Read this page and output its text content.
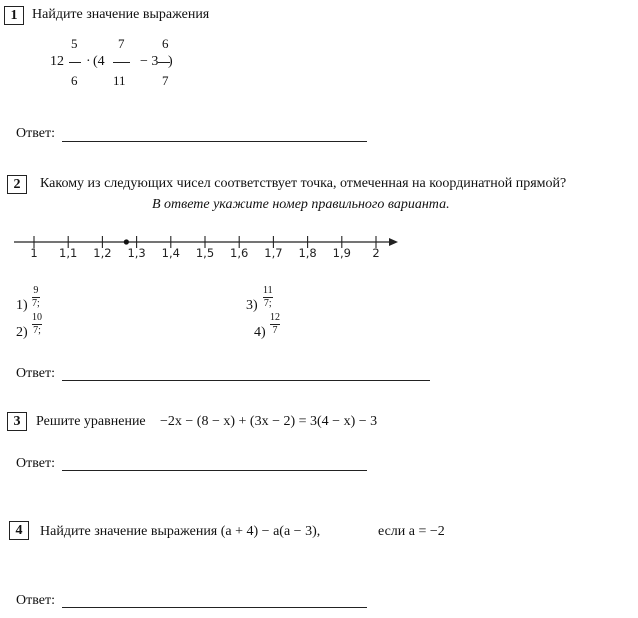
1	Найдите значение выражения
5	7	6
12 · (4	− 3 )
6	11	7
Ответ:
2	Какому из следующих чисел соответствует точка, отмеченная на координатной прямой?
В ответе укажите номер правильного варианта.
1 1,1 1,2 1,3 1,4 1,5 1,6 1,7 1,8 1,9 2
1)
9
7;
2)
10
7;
3)
11
7;
4)
12
7
Ответ:
3	Решите уравнение −2x − (8 − x) + (3x − 2) = 3(4 − x) − 3
Ответ:
4	Найдите значение выражения (a + 4) − a(a − 3),	если a = −2
Ответ:
